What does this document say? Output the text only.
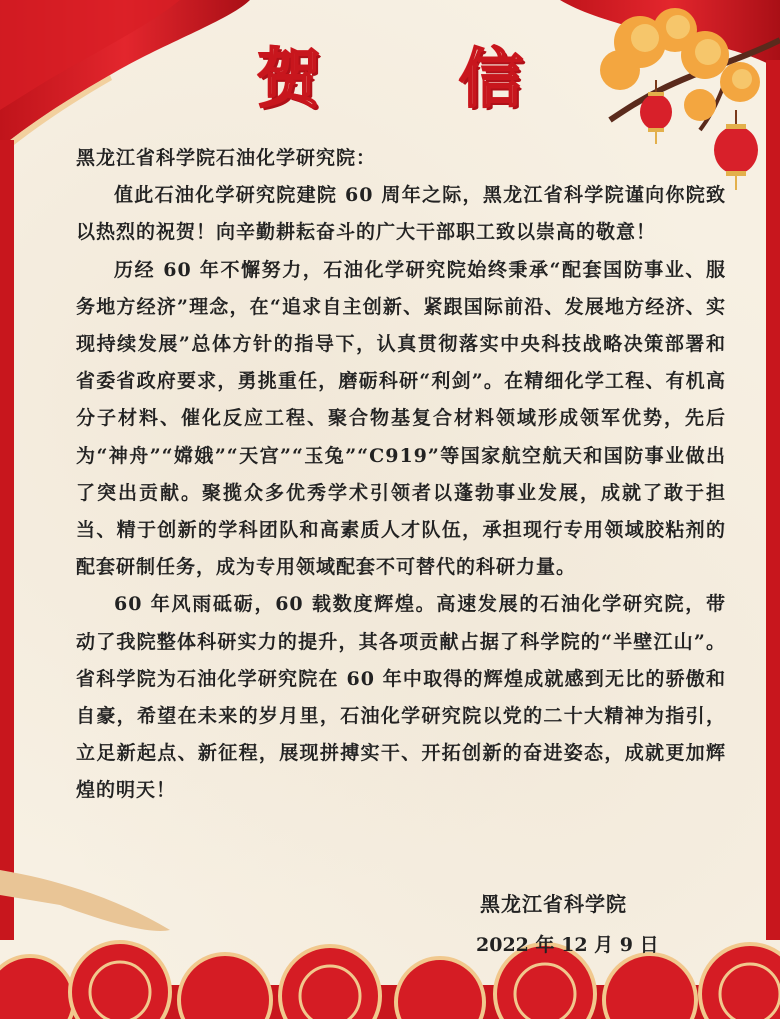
贺 信

黑龙江省科学院石油化学研究院：

值此石油化学研究院建院 60 周年之际，黑龙江省科学院谨向你院致以热烈的祝贺！向辛勤耕耘奋斗的广大干部职工致以崇高的敬意！

历经 60 年不懈努力，石油化学研究院始终秉承“配套国防事业、服务地方经济”理念，在“追求自主创新、紧跟国际前沿、发展地方经济、实现持续发展”总体方针的指导下，认真贯彻落实中央科技战略决策部署和省委省政府要求，勇挑重任，磨砺科研“利剑”。在精细化学工程、有机高分子材料、催化反应工程、聚合物基复合材料领域形成领军优势，先后为“神舟”“嫦娥”“天宫”“玉兔”“C919”等国家航空航天和国防事业做出了突出贡献。聚揽众多优秀学术引领者以蓬勃事业发展，成就了敢于担当、精于创新的学科团队和高素质人才队伍，承担现行专用领域胶粘剂的配套研制任务，成为专用领域配套不可替代的科研力量。

60 年风雨砥砺，60 载数度辉煌。高速发展的石油化学研究院，带动了我院整体科研实力的提升，其各项贡献占据了科学院的“半壁江山”。省科学院为石油化学研究院在 60 年中取得的辉煌成就感到无比的骄傲和自豪，希望在未来的岁月里，石油化学研究院以党的二十大精神为指引，立足新起点、新征程，展现拼搏实干、开拓创新的奋进姿态，成就更加辉煌的明天！

黑龙江省科学院
2022 年 12 月 9 日
